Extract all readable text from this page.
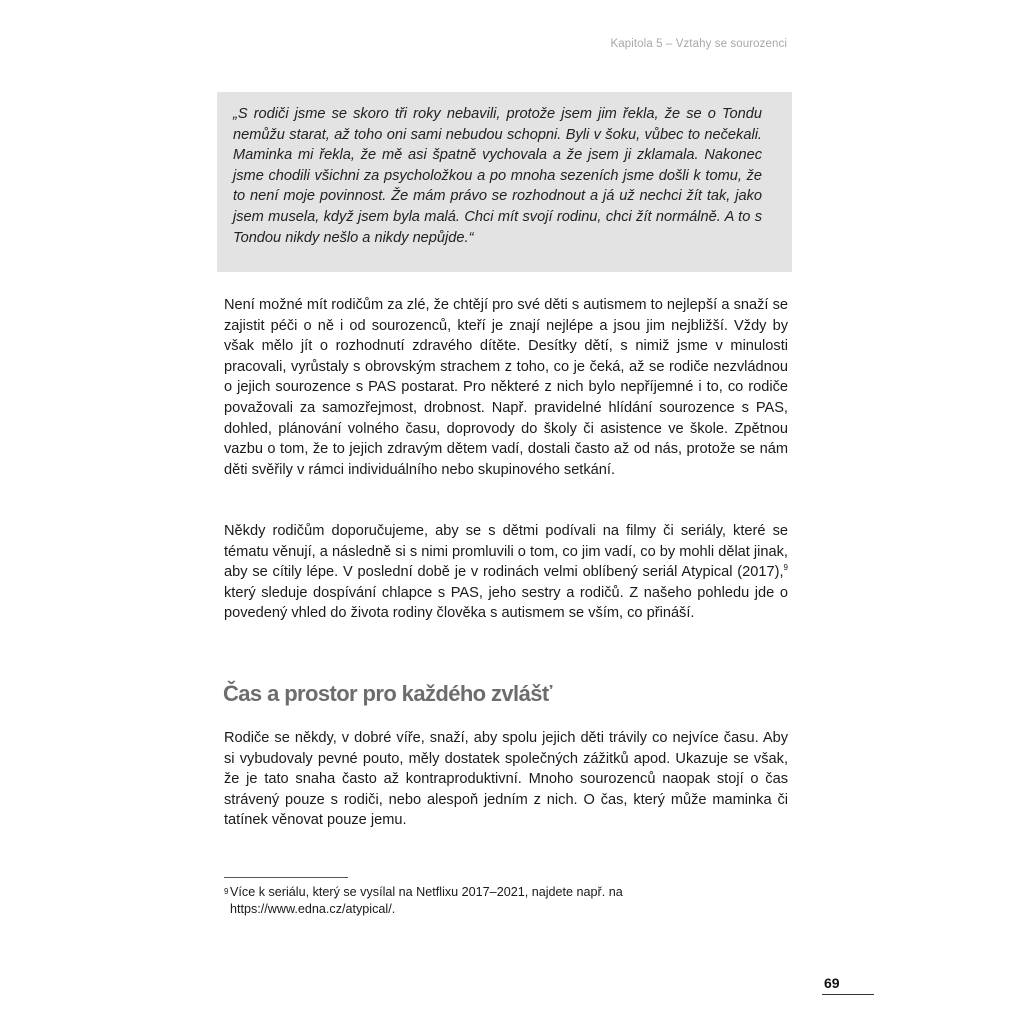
Kapitola 5 – Vztahy se sourozenci

„S rodiči jsme se skoro tři roky nebavili, protože jsem jim řekla, že se o Tondu nemůžu starat, až toho oni sami nebudou schopni. Byli v šoku, vůbec to nečekali. Maminka mi řekla, že mě asi špatně vychovala a že jsem ji zklamala. Nakonec jsme chodili všichni za psycholožkou a po mnoha sezeních jsme došli k tomu, že to není moje povinnost. Že mám právo se rozhodnout a já už nechci žít tak, jako jsem musela, když jsem byla malá. Chci mít svojí rodinu, chci žít normálně. A to s Tondou nikdy nešlo a nikdy nepůjde.“

Není možné mít rodičům za zlé, že chtějí pro své děti s autismem to nejlepší a snaží se zajistit péči o ně i od sourozenců, kteří je znají nejlépe a jsou jim nejbližší. Vždy by však mělo jít o rozhodnutí zdravého dítěte. Desítky dětí, s nimiž jsme v minulosti pracovali, vyrůstaly s obrovským strachem z toho, co je čeká, až se rodiče nezvládnou o jejich sourozence s PAS postarat. Pro některé z nich bylo nepříjemné i to, co rodiče považovali za samozřejmost, drobnost. Např. pravidelné hlídání sourozence s PAS, dohled, plánování volného času, doprovody do školy či asistence ve škole. Zpětnou vazbu o tom, že to jejich zdravým dětem vadí, dostali často až od nás, protože se nám děti svěřily v rámci individuálního nebo skupinového setkání.

Někdy rodičům doporučujeme, aby se s dětmi podívali na filmy či seriály, které se tématu věnují, a následně si s nimi promluvili o tom, co jim vadí, co by mohli dělat jinak, aby se cítily lépe. V poslední době je v rodinách velmi oblíbený seriál Atypical (2017),$^9$ který sleduje dospívání chlapce s PAS, jeho sestry a rodičů. Z našeho pohledu jde o povedený vhled do života rodiny člověka s autismem se vším, co přináší.

Čas a prostor pro každého zvlášť

Rodiče se někdy, v dobré víře, snaží, aby spolu jejich děti trávily co nejvíce času. Aby si vybudovaly pevné pouto, měly dostatek společných zážitků apod. Ukazuje se však, že je tato snaha často až kontraproduktivní. Mnoho sourozenců naopak stojí o čas strávený pouze s rodiči, nebo alespoň jedním z nich. O čas, který může maminka či tatínek věnovat pouze jemu.

9 Více k seriálu, který se vysílal na Netflixu 2017–2021, najdete např. na https://www.edna.cz/atypical/.

69
